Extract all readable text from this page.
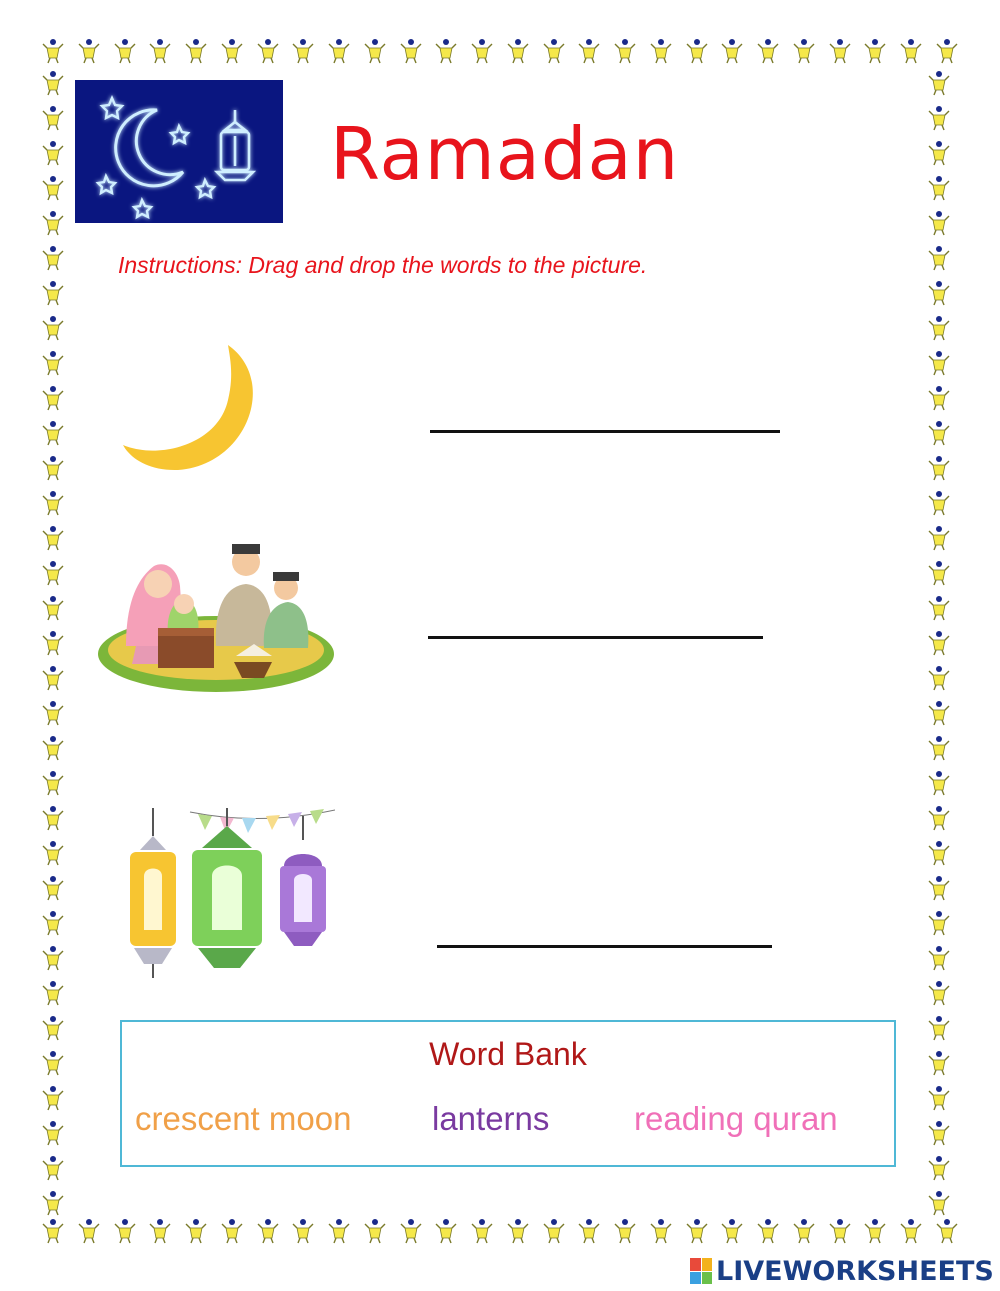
Ramadan
Instructions: Drag and drop the words to the picture.
Word Bank
crescent moon lanterns	reading quran
LIVEWORKSHEETS
